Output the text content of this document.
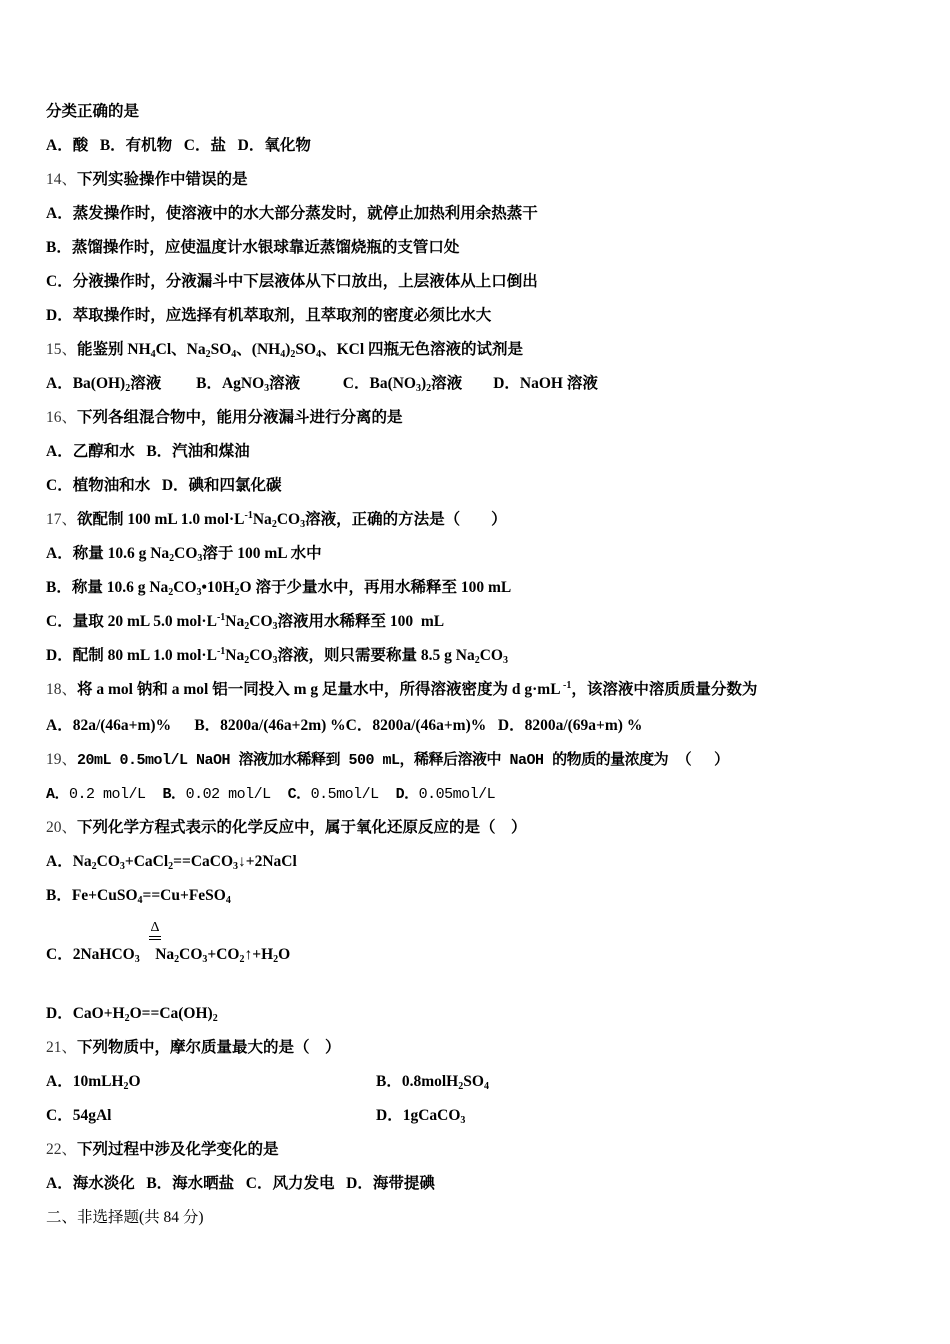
分类正确的是
A．酸 B．有机物 C．盐 D．氧化物
14、下列实验操作中错误的是
A．蒸发操作时，使溶液中的水大部分蒸发时，就停止加热利用余热蒸干
B．蒸馏操作时，应使温度计水银球靠近蒸馏烧瓶的支管口处
C．分液操作时，分液漏斗中下层液体从下口放出，上层液体从上口倒出
D．萃取操作时，应选择有机萃取剂，且萃取剂的密度必须比水大
15、能鉴别 $NH_4Cl$、$Na_2SO_4$、$(NH_4)_2SO_4$、KCl 四瓶无色溶液的试剂是
A．$Ba(OH)_2$溶液 B．AgNO$_3$溶液	C．$Ba(NO_3)_2$溶液 D．NaOH 溶液
16、下列各组混合物中，能用分液漏斗进行分离的是
A．乙醇和水 B．汽油和煤油
C．植物油和水 D．碘和四氯化碳
17、欲配制 100 mL 1.0 $mol\cdot L^{-1}Na_2CO_3$溶液，正确的方法是（　　）
A．称量 10.6 g $Na_2CO_3$溶于 100 mL 水中
B．称量 10.6 g $Na_2CO_3•10H_2O$ 溶于少量水中，再用水稀释至 100 mL
C．量取 20 mL 5.0 $mol\cdot L^{-1}Na_2CO_3$溶液用水稀释至 100  mL
D．配制 80 mL 1.0 $mol\cdot L^{-1}Na_2CO_3$溶液，则只需要称量 8.5 g $Na_2CO_3$
18、将 a mol 钠和 a mol 铝一同投入 m g 足量水中，所得溶液密度为 d g·mL $^{-1}$，该溶液中溶质质量分数为
A．82a/(46a+m)% B．8200a/(46a+2m) %C．8200a/(46a+m)% D．8200a/(69a+m) %
19、20mL 0.5mol/L NaOH 溶液加水稀释到 500 mL，稀释后溶液中 NaOH 的物质的量浓度为 （　 ）
A．0.2 mol/L B．0.02 mol/L C．0.5mol/L D．0.05mol/L
20、下列化学方程式表示的化学反应中，属于氧化还原反应的是（　）
A．$Na_2CO_3+CaCl_2==CaCO_3↓+2NaCl$
B．Fe+CuSO$_4$==Cu+FeSO$_4$
Δ
C．2NaHCO$_3$    $Na_2CO_3+CO_2↑+H_2O$
D．$CaO+H_2O==Ca(OH)_2$
21、下列物质中，摩尔质量最大的是（　）
A．10mLH$_2$O	B．$0.8molH_2SO_4$
C．54gAl	D．1gCaCO$_3$
22、下列过程中涉及化学变化的是
A．海水淡化 B．海水晒盐 C．风力发电 D．海带提碘
二、非选择题(共 84 分)
